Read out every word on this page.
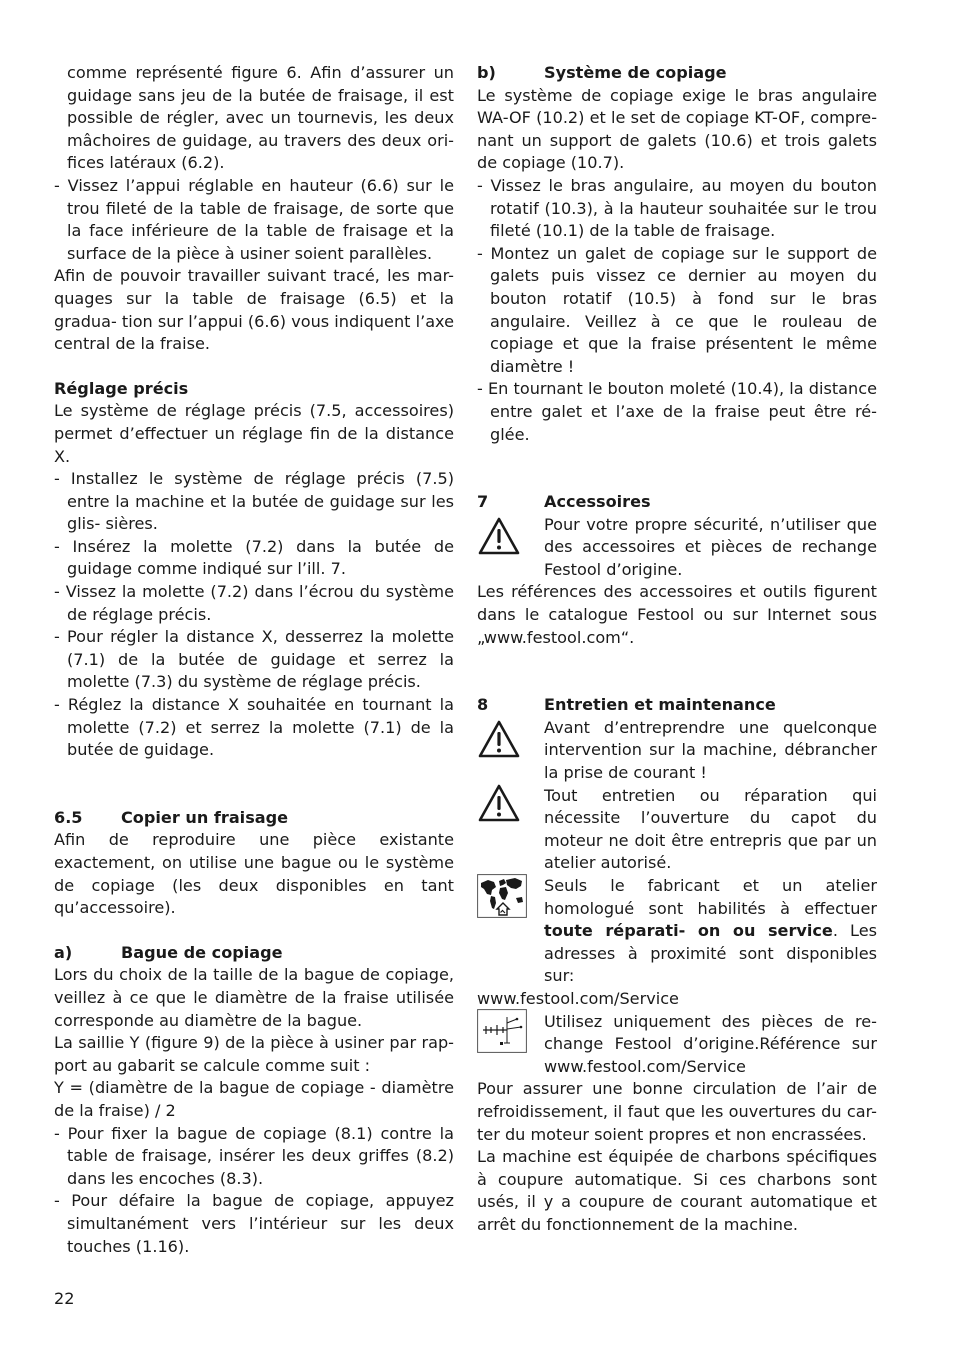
comme représenté figure 6. Afin d’assurer un guidage sans jeu de la butée de fraisage, il est possible de régler, avec un tournevis, les deux mâchoires de guidage, au travers des deux ori- fices latéraux (6.2).

- Vissez l’appui réglable en hauteur (6.6) sur le trou fileté de la table de fraisage, de sorte que la face inférieure de la table de fraisage et la surface de la pièce à usiner soient parallèles.

Afin de pouvoir travailler suivant tracé, les mar- quages sur la table de fraisage (6.5) et la gradua- tion sur l’appui (6.6) vous indiquent l’axe central de la fraise.

Réglage précis

Le système de réglage précis (7.5, accessoires) permet d’effectuer un réglage fin de la distance X.

- Installez le système de réglage précis (7.5) entre la machine et la butée de guidage sur les glis- sières.

- Insérez la molette (7.2) dans la butée de guidage comme indiqué sur l’ill. 7.

- Vissez la molette (7.2) dans l’écrou du système de réglage précis.

- Pour régler la distance X, desserrez la molette (7.1) de la butée de guidage et serrez la molette (7.3) du système de réglage précis.

- Réglez la distance X souhaitée en tournant la molette (7.2) et serrez la molette (7.1) de la butée de guidage.

6.5 Copier un fraisage

Afin de reproduire une pièce existante exactement, on utilise une bague ou le système de copiage (les deux disponibles en tant qu’accessoire).

a)	Bague de copiage

Lors du choix de la taille de la bague de copiage, veillez à ce que le diamètre de la fraise utilisée corresponde au diamètre de la bague.

La saillie Y (figure 9) de la pièce à usiner par rap- port au gabarit se calcule comme suit :

Y = (diamètre de la bague de copiage - diamètre de la fraise) / 2

- Pour fixer la bague de copiage (8.1) contre la table de fraisage, insérer les deux griffes (8.2) dans les encoches (8.3).

- Pour défaire la bague de copiage, appuyez simultanément vers l’intérieur sur les deux touches (1.16).

b)	Système de copiage

Le système de copiage exige le bras angulaire WA-OF (10.2) et le set de copiage KT-OF, compre- nant un support de galets (10.6) et trois galets de copiage (10.7).

- Vissez le bras angulaire, au moyen du bouton rotatif (10.3), à la hauteur souhaitée sur le trou fileté (10.1) de la table de fraisage.

- Montez un galet de copiage sur le support de galets puis vissez ce dernier au moyen du bouton rotatif (10.5) à fond sur le bras angulaire. Veillez à ce que le rouleau de copiage et que la fraise présentent le même diamètre !

- En tournant le bouton moleté (10.4), la distance entre galet et l’axe de la fraise peut être ré- glée.

7	Accessoires

Pour votre propre sécurité, n’utiliser que des accessoires et pièces de rechange Festool d’origine.

Les références des accessoires et outils figurent dans le catalogue Festool ou sur Internet sous „www.festool.com“.

8	Entretien et maintenance

Avant d’entreprendre une quelconque intervention sur la machine, débrancher la prise de courant !

Tout entretien ou réparation qui nécessite l’ouverture du capot du moteur ne doit être entrepris que par un atelier autorisé.

Seuls le fabricant et un atelier homologué sont habilités à effectuer toute réparati- on ou service. Les adresses à proximité sont disponibles sur:

www.festool.com/Service

Utilisez uniquement des pièces de re- change Festool d’origine.Référence sur www.festool.com/Service

Pour assurer une bonne circulation de l’air de refroidissement, il faut que les ouvertures du car- ter du moteur soient propres et non encrassées.

La machine est équipée de charbons spécifiques à coupure automatique. Si ces charbons sont usés, il y a coupure de courant automatique et arrêt du fonctionnement de la machine.

22
